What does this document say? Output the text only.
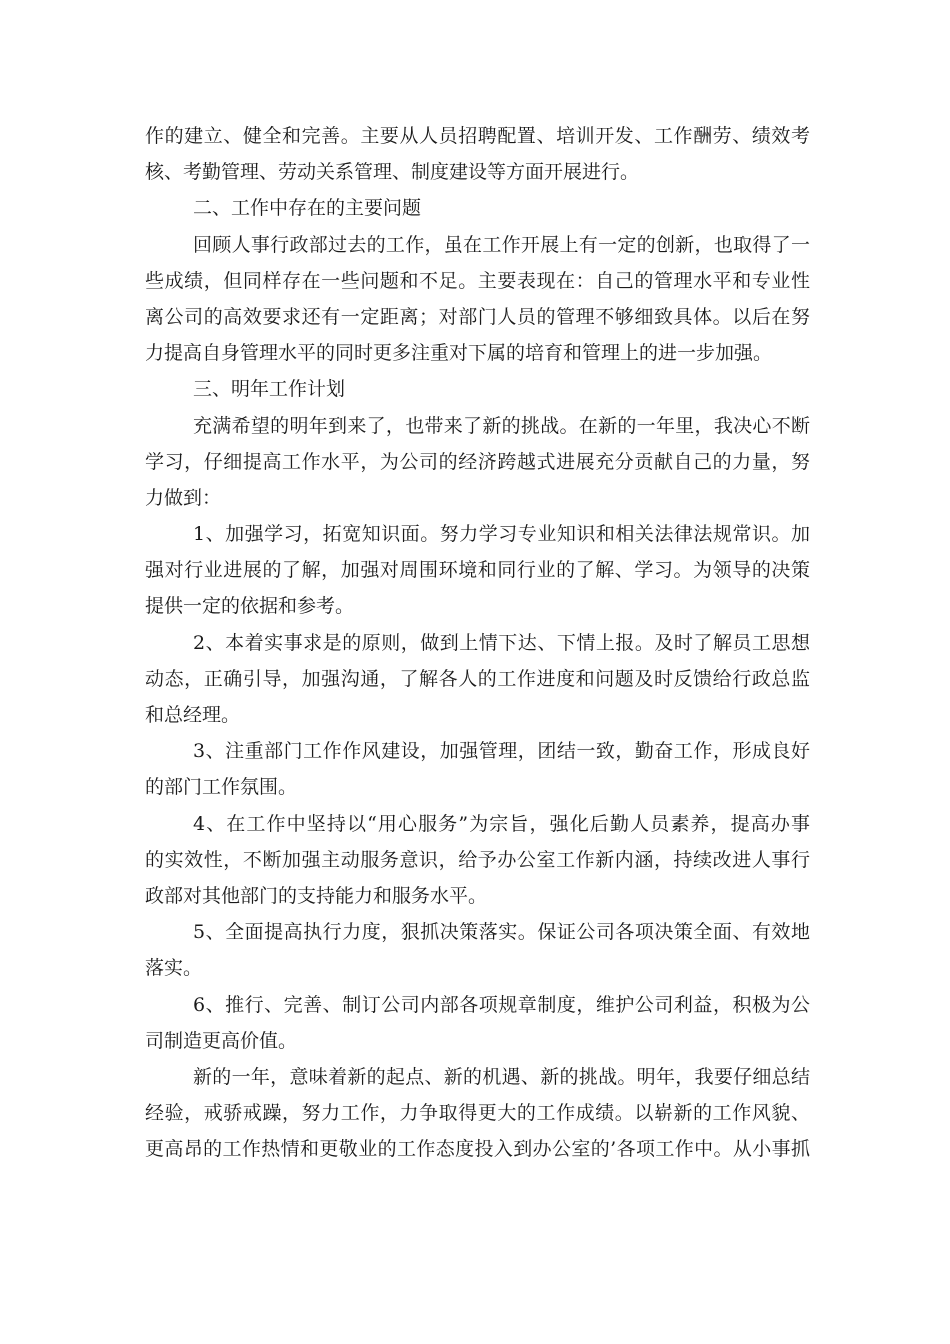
作的建立、健全和完善。主要从人员招聘配置、培训开发、工作酬劳、绩效考
核、考勤管理、劳动关系管理、制度建设等方面开展进行。
二、工作中存在的主要问题
回顾人事行政部过去的工作，虽在工作开展上有一定的创新，也取得了一
些成绩，但同样存在一些问题和不足。主要表现在：自己的管理水平和专业性
离公司的高效要求还有一定距离；对部门人员的管理不够细致具体。以后在努
力提高自身管理水平的同时更多注重对下属的培育和管理上的进一步加强。
三、明年工作计划
充满希望的明年到来了，也带来了新的挑战。在新的一年里，我决心不断
学习，仔细提高工作水平，为公司的经济跨越式进展充分贡献自己的力量，努
力做到：
1、加强学习，拓宽知识面。努力学习专业知识和相关法律法规常识。加
强对行业进展的了解，加强对周围环境和同行业的了解、学习。为领导的决策
提供一定的依据和参考。
2、本着实事求是的原则，做到上情下达、下情上报。及时了解员工思想
动态，正确引导，加强沟通，了解各人的工作进度和问题及时反馈给行政总监
和总经理。
3、注重部门工作作风建设，加强管理，团结一致，勤奋工作，形成良好
的部门工作氛围。
4、在工作中坚持以“用心服务”为宗旨，强化后勤人员素养，提高办事
的实效性，不断加强主动服务意识，给予办公室工作新内涵，持续改进人事行
政部对其他部门的支持能力和服务水平。
5、全面提高执行力度，狠抓决策落实。保证公司各项决策全面、有效地
落实。
6、推行、完善、制订公司内部各项规章制度，维护公司利益，积极为公
司制造更高价值。
新的一年，意味着新的起点、新的机遇、新的挑战。明年，我要仔细总结
经验，戒骄戒躁，努力工作，力争取得更大的工作成绩。以崭新的工作风貌、
更高昂的工作热情和更敬业的工作态度投入到办公室的’各项工作中。从小事抓
